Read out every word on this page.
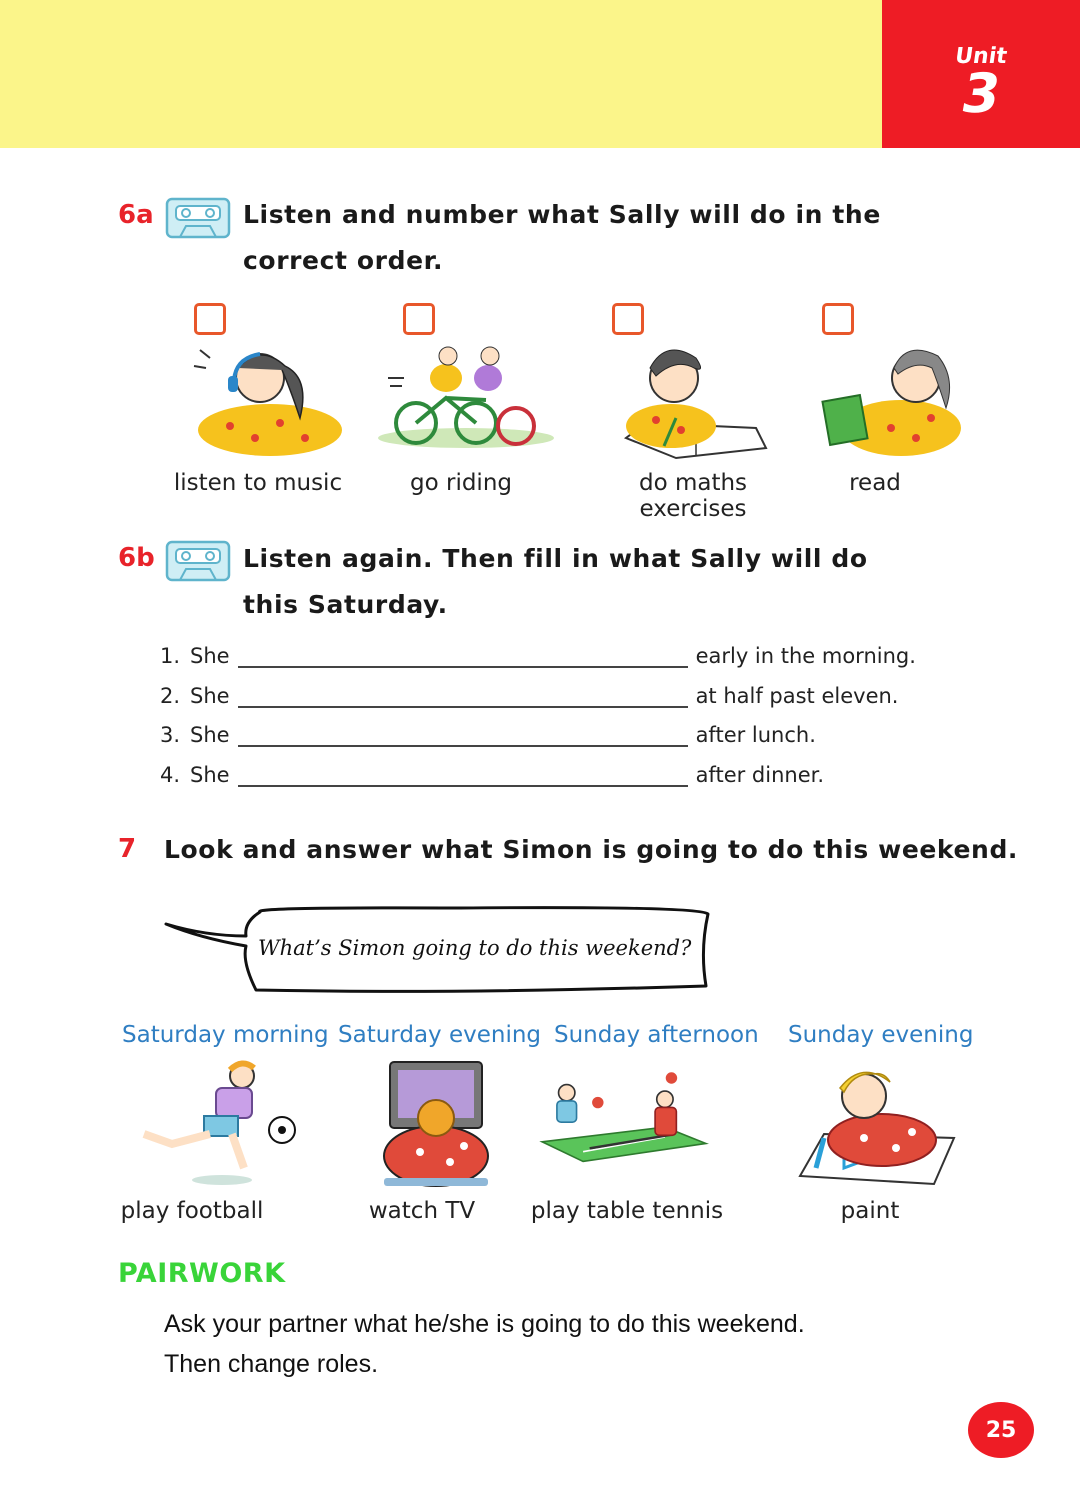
Unit
3
6a	Listen and number what Sally will do in the
correct order.
listen to music	go riding	do maths exercises
read
6b	Listen again. Then fill in what Sally will do
this Saturday.
1. She	early in the morning.
2. She	at half past eleven.
3. She	after lunch.
4. She	after dinner.
7 Look and answer what Simon is going to do this weekend.
What’s Simon going to do this weekend?
Saturday morning Saturday evening Sunday afternoon Sunday evening
play football	watch TV	play table tennis	paint
PAIRWORK
Ask your partner what he/she is going to do this weekend.
Then change roles.
25
